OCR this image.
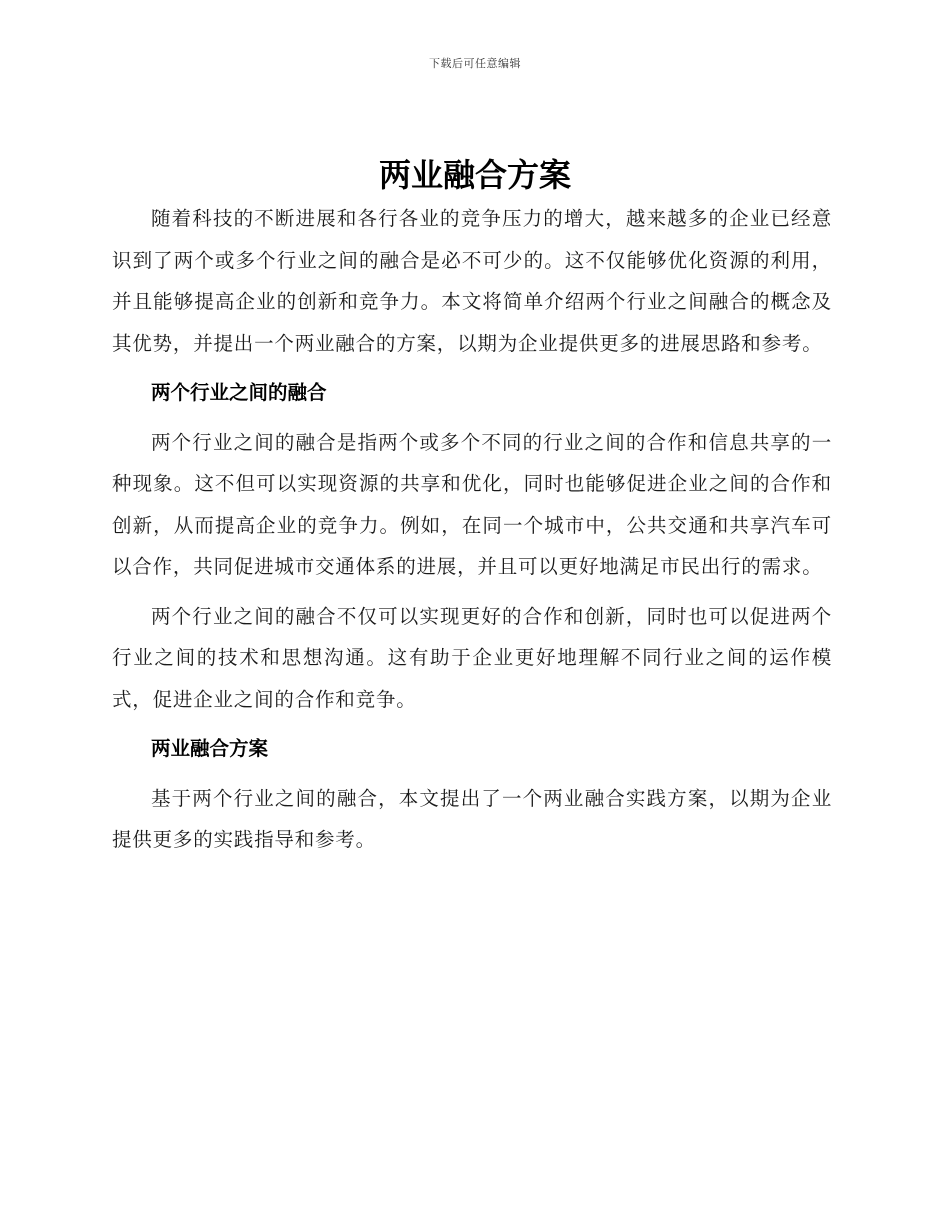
下载后可任意编辑
两业融合方案

随着科技的不断进展和各行各业的竞争压力的增大，越来越多的企业已经意识到了两个或多个行业之间的融合是必不可少的。这不仅能够优化资源的利用，并且能够提高企业的创新和竞争力。本文将简单介绍两个行业之间融合的概念及其优势，并提出一个两业融合的方案，以期为企业提供更多的进展思路和参考。

两个行业之间的融合

两个行业之间的融合是指两个或多个不同的行业之间的合作和信息共享的一种现象。这不但可以实现资源的共享和优化，同时也能够促进企业之间的合作和创新，从而提高企业的竞争力。例如，在同一个城市中，公共交通和共享汽车可以合作，共同促进城市交通体系的进展，并且可以更好地满足市民出行的需求。

两个行业之间的融合不仅可以实现更好的合作和创新，同时也可以促进两个行业之间的技术和思想沟通。这有助于企业更好地理解不同行业之间的运作模式，促进企业之间的合作和竞争。

两业融合方案

基于两个行业之间的融合，本文提出了一个两业融合实践方案，以期为企业提供更多的实践指导和参考。
